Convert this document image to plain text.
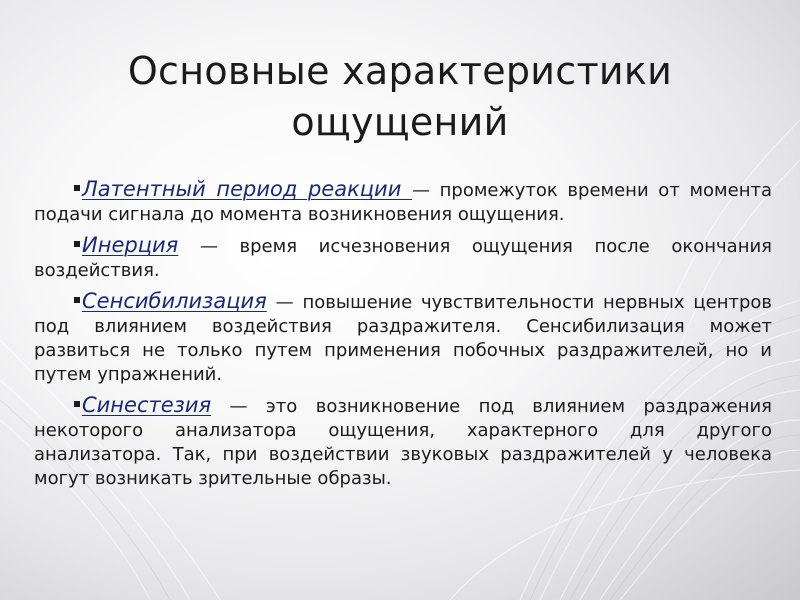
Основные характеристики
ощущений
Латентный период реакции — промежуток времени от момента подачи сигнала до момента возникновения ощущения.
Инерция — время исчезновения ощущения после окончания воздействия.
Сенсибилизация — повышение чувствительности нервных центров под влиянием воздействия раздражителя. Сенсибилизация может развиться не только путем применения побочных раздражителей, но и путем упражнений.
Синестезия — это возникновение под влиянием раздражения некоторого анализатора ощущения, характерного для другого анализатора. Так, при воздействии звуковых раздражителей у человека могут возникать зрительные образы.
